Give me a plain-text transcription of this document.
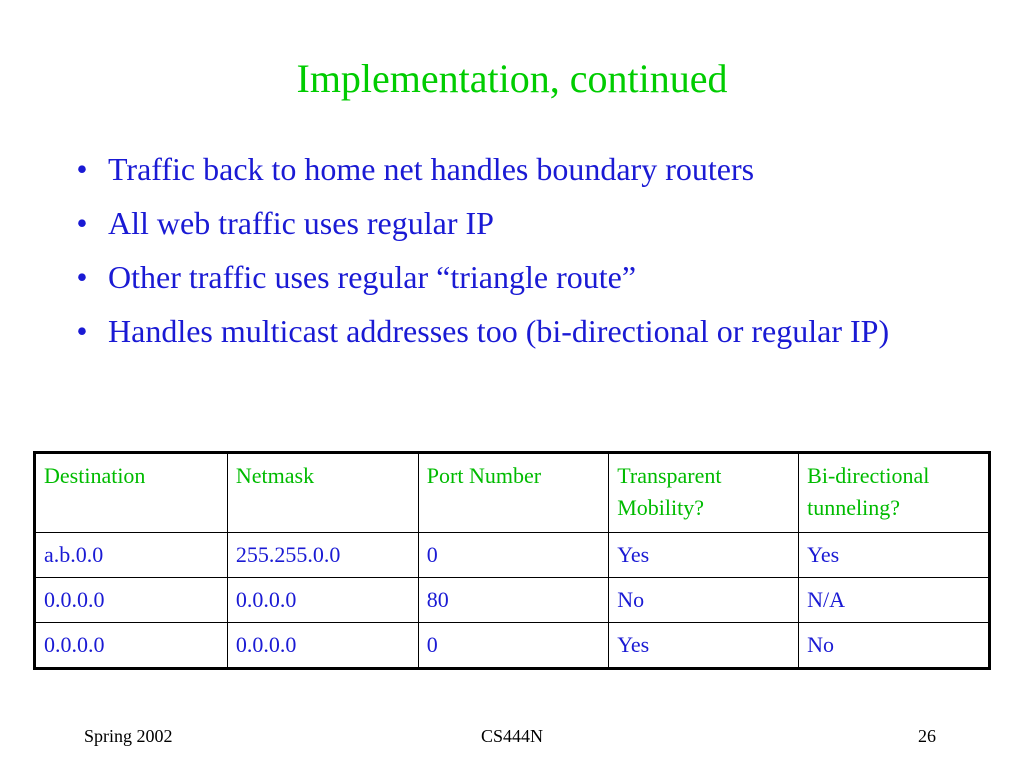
Implementation, continued
• Traffic back to home net handles boundary routers
• All web traffic uses regular IP
• Other traffic uses regular “triangle route”
• Handles multicast addresses too (bi-directional or regular IP)
Destination	Netmask	Port Number	Transparent Mobility?	Bi-directional tunneling?
a.b.0.0	255.255.0.0	0	Yes	Yes
0.0.0.0	0.0.0.0	80	No	N/A
0.0.0.0	0.0.0.0	0	Yes	No
Spring 2002	CS444N	26
